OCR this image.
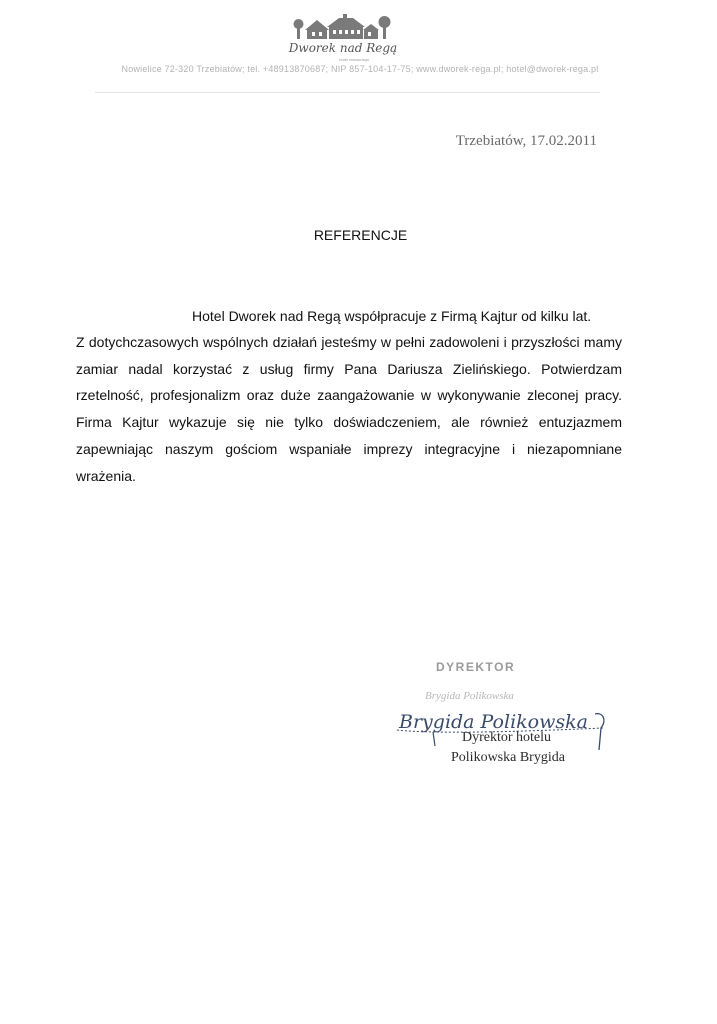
Dworek nad Regą
hotel restauracja
Nowielice 72-320 Trzebiatów; tel. +48913870687; NIP 857-104-17-75; www.dworek-rega.pl; hotel@dworek-rega.pl
Trzebiatów, 17.02.2011
REFERENCJE
Hotel Dworek nad Regą współpracuje z Firmą Kajtur od kilku lat.

Z dotychczasowych wspólnych działań jesteśmy w pełni zadowoleni i przyszłości mamy zamiar nadal korzystać z usług firmy Pana Dariusza Zielińskiego. Potwierdzam rzetelność, profesjonalizm oraz duże zaangażowanie w wykonywanie zleconej pracy. Firma Kajtur wykazuje się nie tylko doświadczeniem, ale również entuzjazmem zapewniając naszym gościom wspaniałe imprezy integracyjne i niezapomniane wrażenia.

DYREKTOR
Brygida Polikowska
Brygida Polikowska
Dyrektor hotelu
Polikowska Brygida
